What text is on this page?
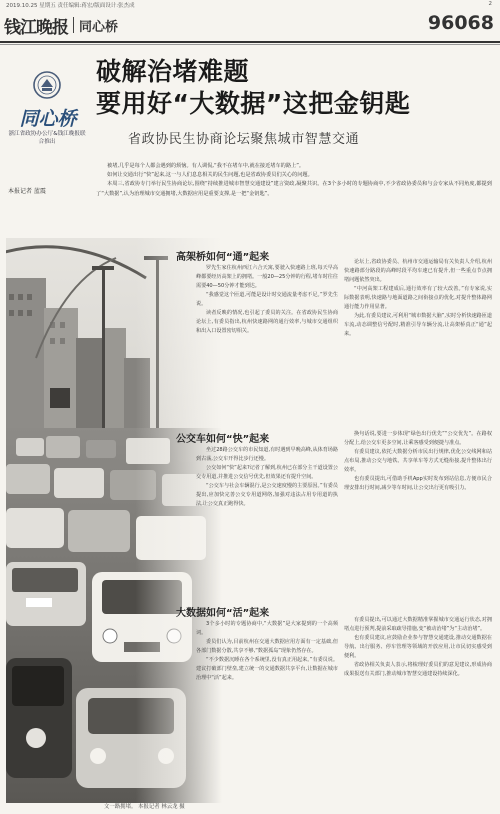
2019.10.25 星期五 责任编辑:蒋宏/版面设计:张杰成	2
钱江晚报 同心桥	96068
同心桥
浙江省政协办公厅&钱江晚报联合推出
本报记者 蓝震
破解治堵难题
要用好“大数据”这把金钥匙
省政协民生协商论坛聚焦城市智慧交通

被堵,几乎是每个人都会遇到的烦恼。有人调侃,“我不在堵车中,就在接近堵车的路上”。

如何让交通出行“快”起来,这一与人们息息相关的民生问题,也是省政协委员们关心的问题。

本周三,省政协专门举行民生协商论坛,围绕“持续推进城市智慧交通建设”建言资政,凝聚共识。在3个多小时的专题协商中,不少省政协委员和与会专家从不同角度,都提到了“大数据”,认为治理城市交通拥堵,大数据应用是重要支撑,是一把“金钥匙”。

文一路拥堵。 本报记者 林云龙 摄
高架桥如何“通”起来

罗先生家住杭州西江六合天寓,要驶入快速路上班,每天早高峰都要经历高架上的拥堵。一般20—25分钟的行程,堵车时往往需要40—50分钟才能到达。

“我感觉这个匝道,可能是设计时交通流量考虑不足。”罗先生说。

读者反映的情况,也引起了委员的关注。在省政协民生协商论坛上,有委员指出,杭州快速路网的通行效率,与城市交通组织和出入口设置密切相关。

论坛上,省政协委员、杭州市交通运输局有关负责人介绍,杭州快速路部分路段的高峰时段平均车速已有提升,但一些重点节点拥堵问题依然突出。

“中河高架工程建成后,通行效率有了较大改善。”有专家说,实际数据表明,快速路与地面道路之间衔接点的优化,对提升整体路网通行能力作用显著。

为此,有委员建议,可利用“城市数据大脑”,实时分析快速路匝道车流,动态调整信号配时,精准引导车辆分流,让高架桥真正“通”起来。

公交车如何“快”起来

坐过28路公交车的市民知道,有时遇到早晚高峰,从体育场路到古荡,公交车开得比步行还慢。

公交如何“快”起来?记者了解到,杭州已在部分主干道设置公交专用道,并推进公交信号优先,但效果还有提升空间。

“公交车与社会车辆混行,是公交速度慢的主要原因。”有委员提出,应加快完善公交专用道网络,加强对违法占用专用道的执法,让公交真正跑得快。

换句话说,要进一步体现“绿色出行优先”“公交优先”。在路权分配上,给公交车更多空间,让乘客感受到便捷与准点。

有委员建议,依托大数据分析市民出行规律,优化公交线网和站点布局,推动公交与地铁、共享单车等方式无缝衔接,提升整体出行效率。

也有委员提出,可借助手机App实时发布到站信息,方便市民合理安排出行时间,减少等车时间,让公交出行更有吸引力。

大数据如何“活”起来

3个多小时的专题协商中,“大数据”是大家提到的一个高频词。

委员们认为,目前杭州在交通大数据应用方面有一定基础,但各部门数据分散,共享不够,“数据孤岛”现象仍然存在。

“不少数据沉睡在各个系统里,没有真正用起来。”有委员说。建议打破部门壁垒,建立统一的交通数据共享平台,让数据在城市治理中“活”起来。

有委员提出,可以通过大数据精准掌握城市交通运行状态,对拥堵点进行预判,提前采取疏导措施,变“被动治堵”为“主动治堵”。

也有委员建议,应鼓励企业参与智慧交通建设,推动交通数据在导航、出行服务、停车管理等领域的开放应用,让市民切实感受到便利。

省政协相关负责人表示,将梳理好委员们的意见建议,形成协商成果报送有关部门,推动城市智慧交通建设持续深化。
